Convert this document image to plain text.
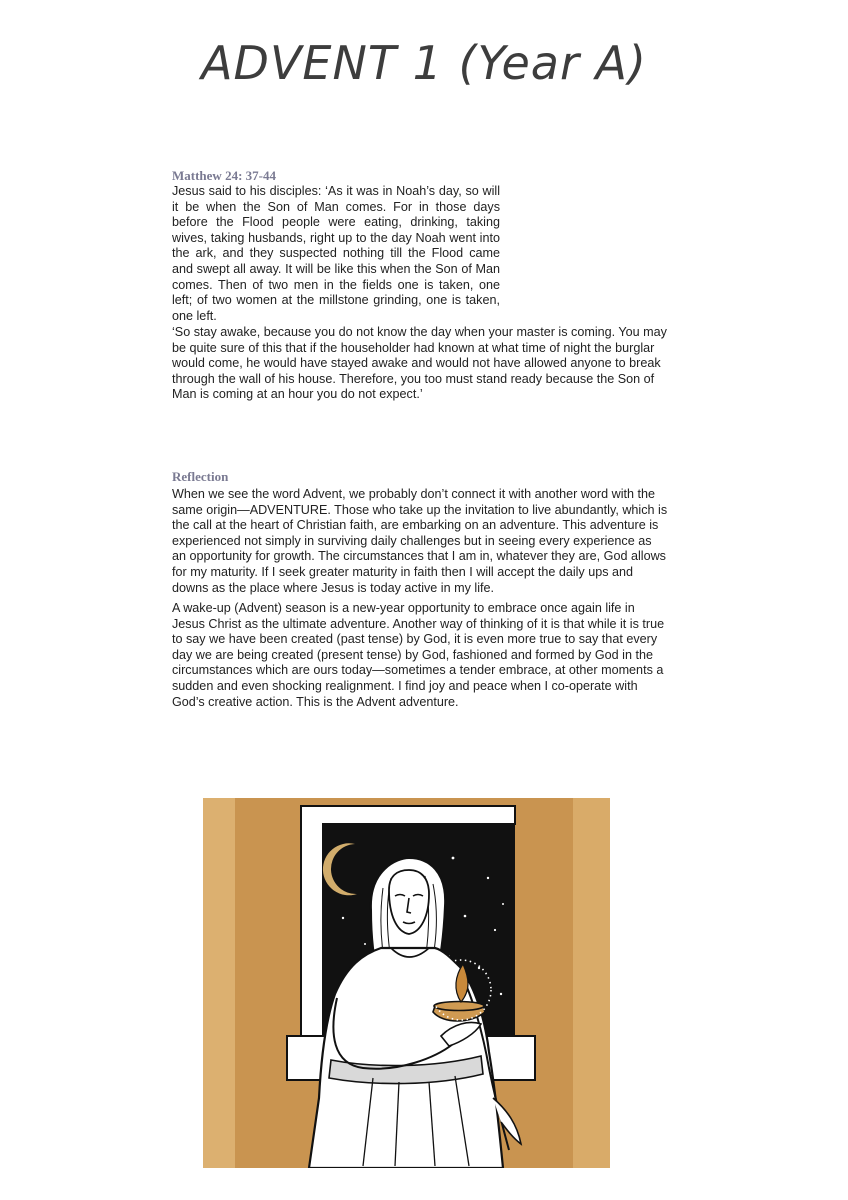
ADVENT 1 (Year A)
Matthew 24: 37-44
Jesus said to his disciples: ‘As it was in Noah’s day, so will it be when the Son of Man comes. For in those days before the Flood people were eating, drinking, taking wives, taking husbands, right up to the day Noah went into the ark, and they suspected nothing till the Flood came and swept all away. It will be like this when the Son of Man comes. Then of two men in the fields one is taken, one left; of two women at the millstone grinding, one is taken, one left.
‘So stay awake, because you do not know the day when your master is coming. You may be quite sure of this that if the householder had known at what time of night the burglar would come, he would have stayed awake and would not have allowed anyone to break through the wall of his house. Therefore, you too must stand ready because the Son of Man is coming at an hour you do not expect.’
Reflection
When we see the word Advent, we probably don’t connect it with another word with the same origin—ADVENTURE. Those who take up the invitation to live abundantly, which is the call at the heart of Christian faith, are embarking on an adventure. This adventure is experienced not simply in surviving daily challenges but in seeing every experience as an opportunity for growth. The circumstances that I am in, whatever they are, God allows for my maturity. If I seek greater maturity in faith then I will accept the daily ups and downs as the place where Jesus is today active in my life.
A wake-up (Advent) season is a new-year opportunity to embrace once again life in Jesus Christ as the ultimate adventure. Another way of thinking of it is that while it is true to say we have been created (past tense) by God, it is even more true to say that every day we are being created (present tense) by God, fashioned and formed by God in the circumstances which are ours today—sometimes a tender embrace, at other moments a sudden and even shocking realignment. I find joy and peace when I co-operate with God’s creative action. This is the Advent adventure.
